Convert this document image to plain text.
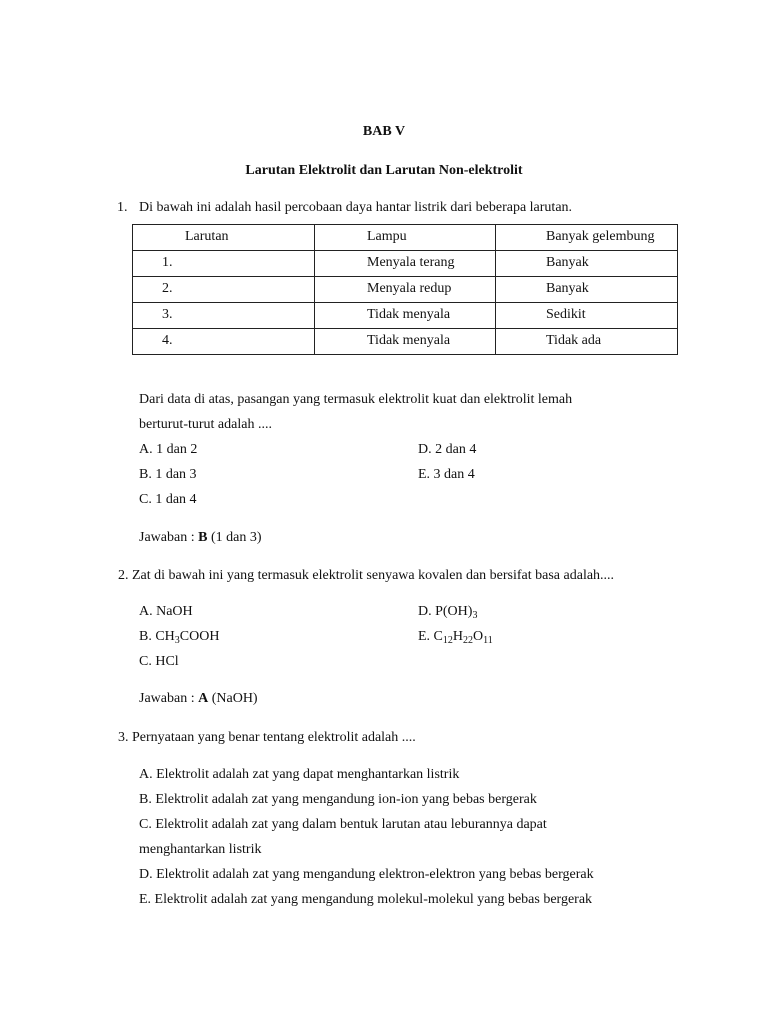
BAB V
Larutan Elektrolit dan Larutan Non-elektrolit
1. Di bawah ini adalah hasil percobaan daya hantar listrik dari beberapa larutan.
Larutan	Lampu	Banyak gelembung
1.	Menyala terang	Banyak
2.	Menyala redup	Banyak
3.	Tidak menyala	Sedikit
4.	Tidak menyala	Tidak ada
Dari data di atas, pasangan yang termasuk elektrolit kuat dan elektrolit lemah
berturut-turut adalah ....
A. 1 dan 2	D. 2 dan 4
B. 1 dan 3	E. 3 dan 4
C. 1 dan 4
Jawaban : B (1 dan 3)
2. Zat di bawah ini yang termasuk elektrolit senyawa kovalen dan bersifat basa adalah....
A. NaOH	D. $P(OH)_3$
B. $CH_3COOH$	E. $C_{12}H_{22}O_{11}$
C. HCl
Jawaban : A (NaOH)
3. Pernyataan yang benar tentang elektrolit adalah ....
A. Elektrolit adalah zat yang dapat menghantarkan listrik
B. Elektrolit adalah zat yang mengandung ion-ion yang bebas bergerak
C. Elektrolit adalah zat yang dalam bentuk larutan atau leburannya dapat
menghantarkan listrik
D. Elektrolit adalah zat yang mengandung elektron-elektron yang bebas bergerak
E. Elektrolit adalah zat yang mengandung molekul-molekul yang bebas bergerak
